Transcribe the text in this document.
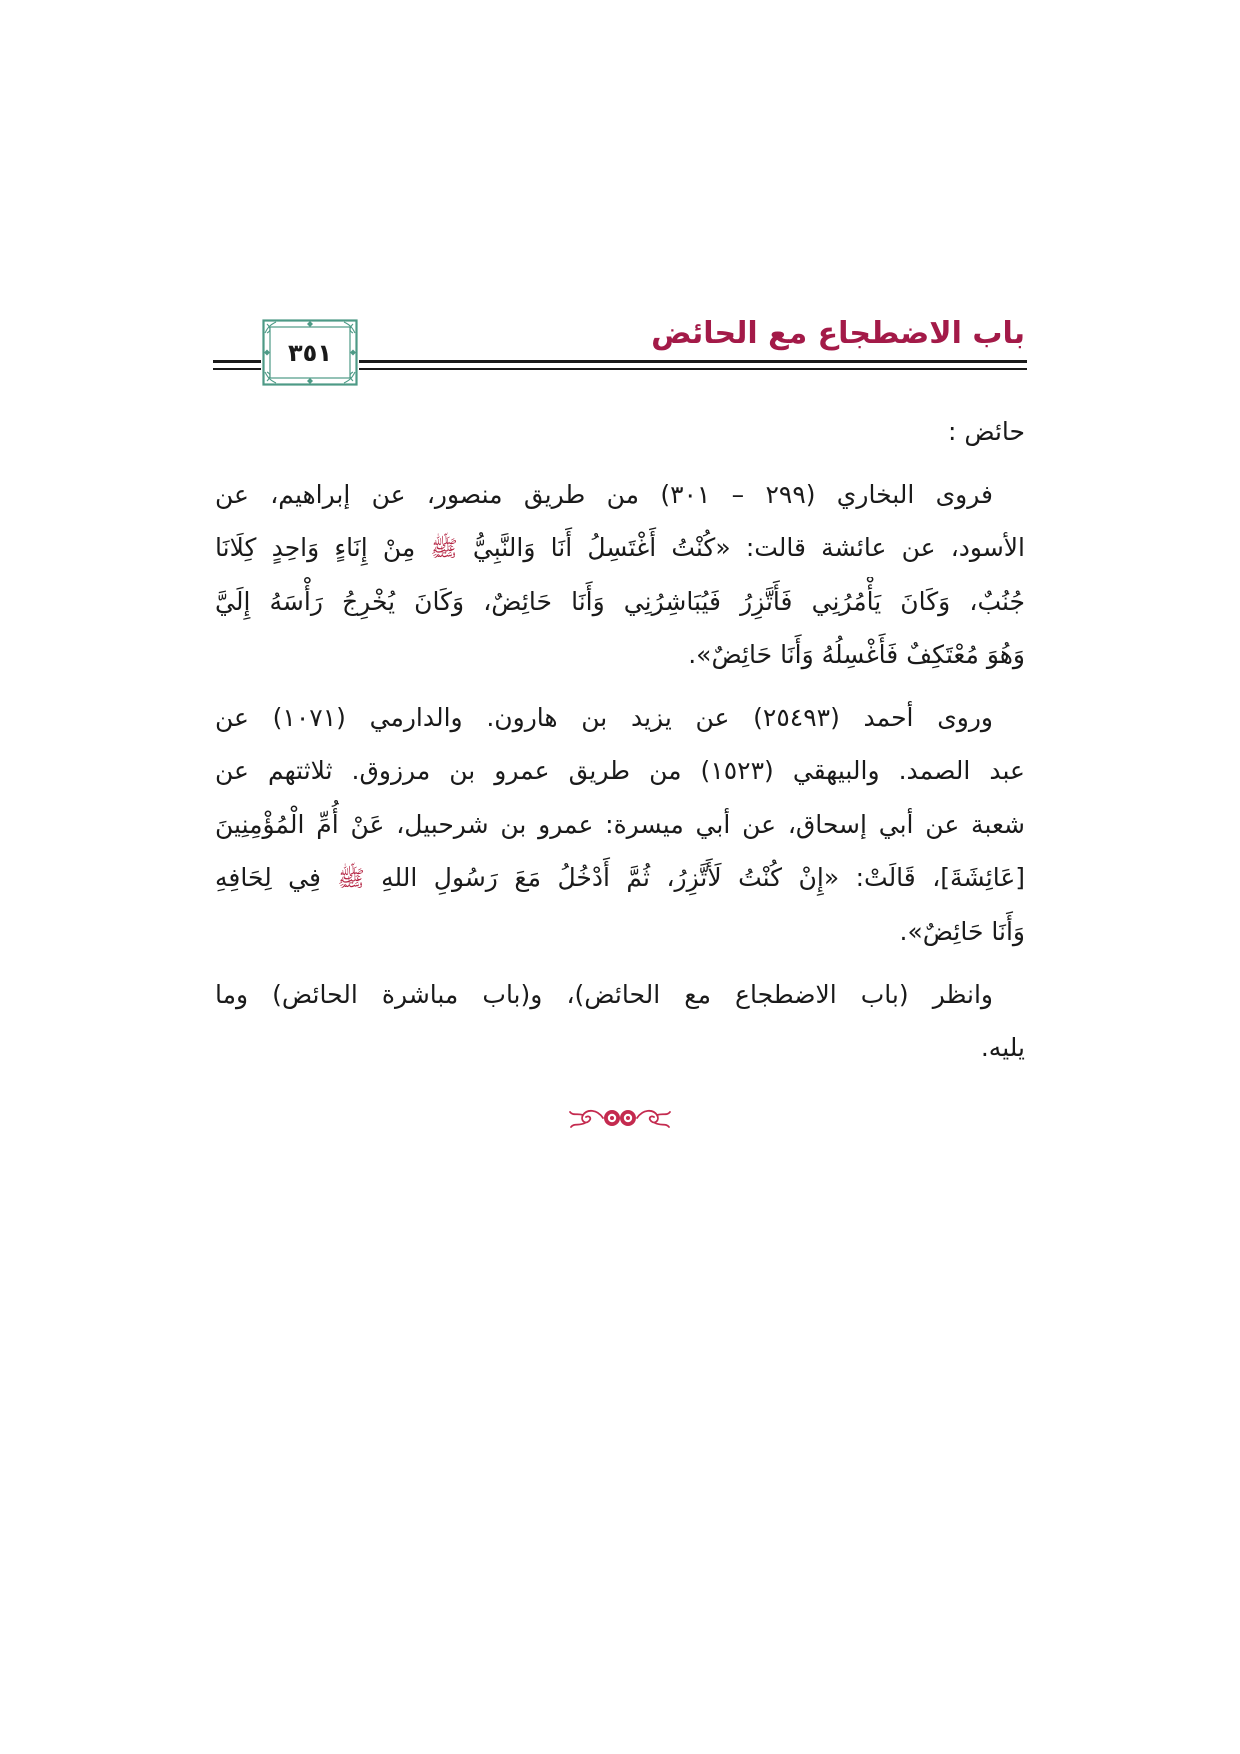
باب الاضطجاع مع الحائض
٣٥١
حائض :
فروى البخاري (٢٩٩ – ٣٠١) من طريق منصور، عن إبراهيم، عن
الأسود، عن عائشة قالت: «كُنْتُ أَغْتَسِلُ أَنَا وَالنَّبِيُّ ﷺ مِنْ إِنَاءٍ وَاحِدٍ كِلَانَا
جُنُبٌ، وَكَانَ يَأْمُرُنِي فَأَتَّزِرُ فَيُبَاشِرُنِي وَأَنَا حَائِضٌ، وَكَانَ يُخْرِجُ رَأْسَهُ إِلَيَّ
وَهُوَ مُعْتَكِفٌ فَأَغْسِلُهُ وَأَنَا حَائِضٌ».
وروى أحمد (٢٥٤٩٣) عن يزيد بن هارون. والدارمي (١٠٧١) عن
عبد الصمد. والبيهقي (١٥٢٣) من طريق عمرو بن مرزوق. ثلاثتهم عن
شعبة عن أبي إسحاق، عن أبي ميسرة: عمرو بن شرحبيل، عَنْ أُمِّ الْمُؤْمِنِينَ
[عَائِشَةَ]، قَالَتْ: «إِنْ كُنْتُ لَأَتَّزِرُ، ثُمَّ أَدْخُلُ مَعَ رَسُولِ اللهِ ﷺ فِي لِحَافِهِ
وَأَنَا حَائِضٌ».
وانظر (باب الاضطجاع مع الحائض)، و(باب مباشرة الحائض) وما
يليه.
